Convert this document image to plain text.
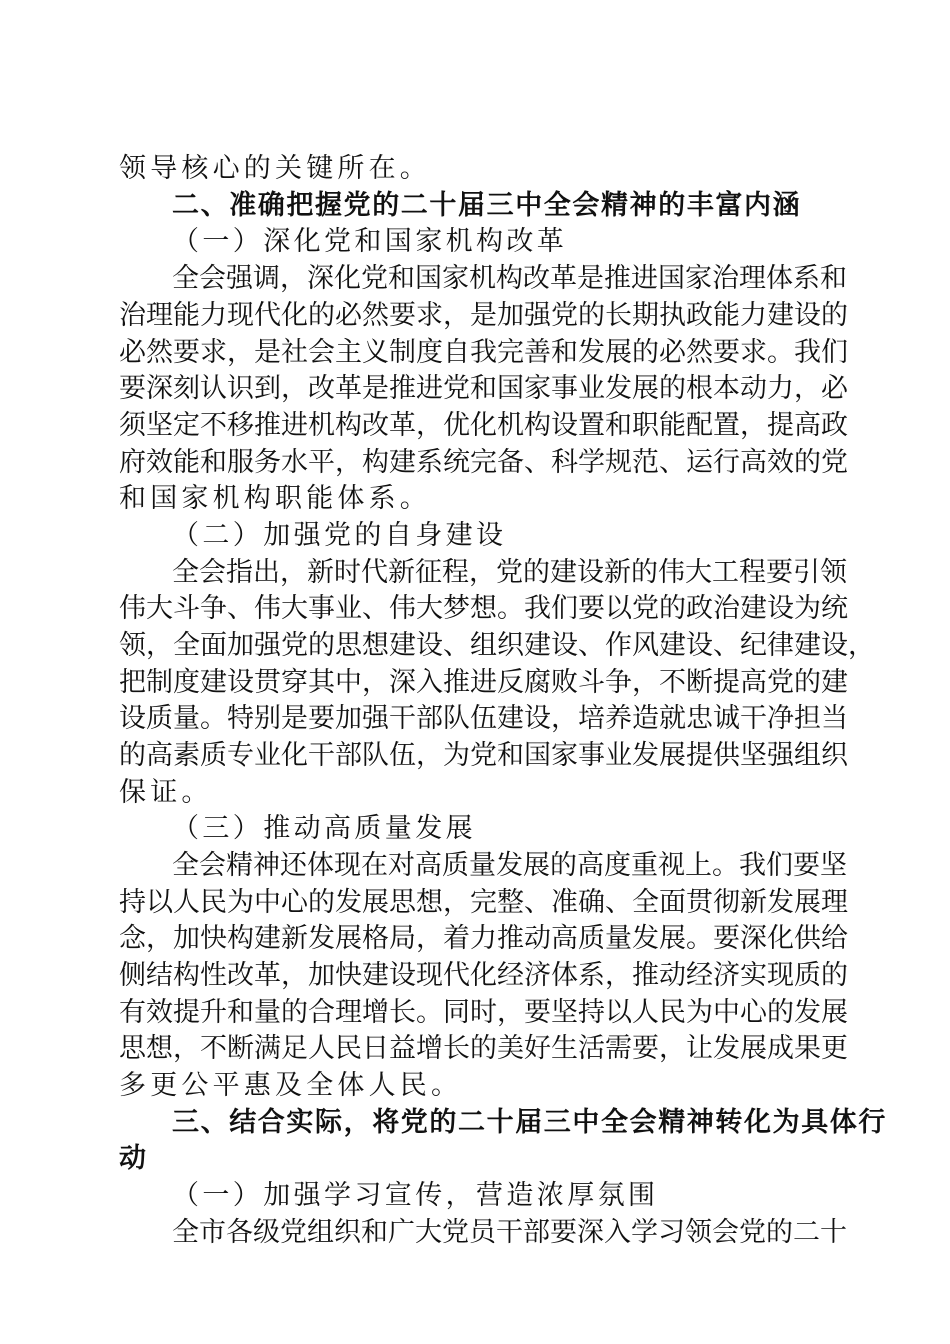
领导核心的关键所在。
二、准确把握党的二十届三中全会精神的丰富内涵
（一）深化党和国家机构改革
全会强调，深化党和国家机构改革是推进国家治理体系和
治理能力现代化的必然要求，是加强党的长期执政能力建设的
必然要求，是社会主义制度自我完善和发展的必然要求。我们
要深刻认识到，改革是推进党和国家事业发展的根本动力，必
须坚定不移推进机构改革，优化机构设置和职能配置，提高政
府效能和服务水平，构建系统完备、科学规范、运行高效的党
和国家机构职能体系。
（二）加强党的自身建设
全会指出，新时代新征程，党的建设新的伟大工程要引领
伟大斗争、伟大事业、伟大梦想。我们要以党的政治建设为统
领，全面加强党的思想建设、组织建设、作风建设、纪律建设，
把制度建设贯穿其中，深入推进反腐败斗争，不断提高党的建
设质量。特别是要加强干部队伍建设，培养造就忠诚干净担当
的高素质专业化干部队伍，为党和国家事业发展提供坚强组织
保证。
（三）推动高质量发展
全会精神还体现在对高质量发展的高度重视上。我们要坚
持以人民为中心的发展思想，完整、准确、全面贯彻新发展理
念，加快构建新发展格局，着力推动高质量发展。要深化供给
侧结构性改革，加快建设现代化经济体系，推动经济实现质的
有效提升和量的合理增长。同时，要坚持以人民为中心的发展
思想，不断满足人民日益增长的美好生活需要，让发展成果更
多更公平惠及全体人民。
三、结合实际，将党的二十届三中全会精神转化为具体行
动
（一）加强学习宣传，营造浓厚氛围
全市各级党组织和广大党员干部要深入学习领会党的二十
